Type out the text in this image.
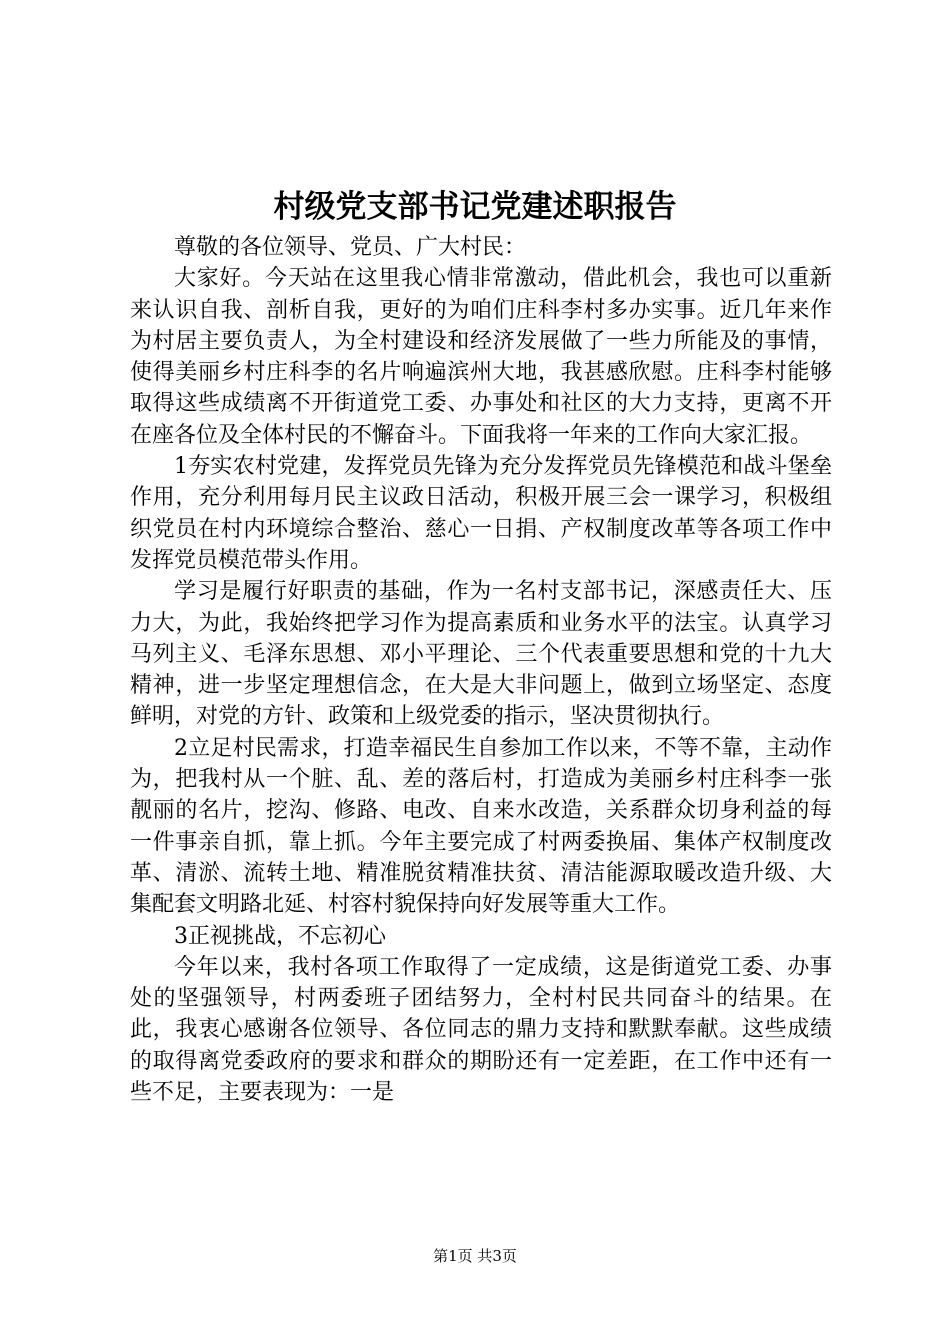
村级党支部书记党建述职报告

尊敬的各位领导、党员、广大村民：

大家好。今天站在这里我心情非常激动，借此机会，我也可以重新来认识自我、剖析自我，更好的为咱们庄科李村多办实事。近几年来作为村居主要负责人，为全村建设和经济发展做了一些力所能及的事情，使得美丽乡村庄科李的名片响遍滨州大地，我甚感欣慰。庄科李村能够取得这些成绩离不开街道党工委、办事处和社区的大力支持，更离不开在座各位及全体村民的不懈奋斗。下面我将一年来的工作向大家汇报。

1夯实农村党建，发挥党员先锋为充分发挥党员先锋模范和战斗堡垒作用，充分利用每月民主议政日活动，积极开展三会一课学习，积极组织党员在村内环境综合整治、慈心一日捐、产权制度改革等各项工作中发挥党员模范带头作用。

学习是履行好职责的基础，作为一名村支部书记，深感责任大、压力大，为此，我始终把学习作为提高素质和业务水平的法宝。认真学习马列主义、毛泽东思想、邓小平理论、三个代表重要思想和党的十九大精神，进一步坚定理想信念，在大是大非问题上，做到立场坚定、态度鲜明，对党的方针、政策和上级党委的指示，坚决贯彻执行。

2立足村民需求，打造幸福民生自参加工作以来，不等不靠，主动作为，把我村从一个脏、乱、差的落后村，打造成为美丽乡村庄科李一张靓丽的名片，挖沟、修路、电改、自来水改造，关系群众切身利益的每一件事亲自抓，靠上抓。今年主要完成了村两委换届、集体产权制度改革、清淤、流转土地、精准脱贫精准扶贫、清洁能源取暖改造升级、大集配套文明路北延、村容村貌保持向好发展等重大工作。

3正视挑战，不忘初心

今年以来，我村各项工作取得了一定成绩，这是街道党工委、办事处的坚强领导，村两委班子团结努力，全村村民共同奋斗的结果。在此，我衷心感谢各位领导、各位同志的鼎力支持和默默奉献。这些成绩的取得离党委政府的要求和群众的期盼还有一定差距，在工作中还有一些不足，主要表现为：一是

第1页 共3页
